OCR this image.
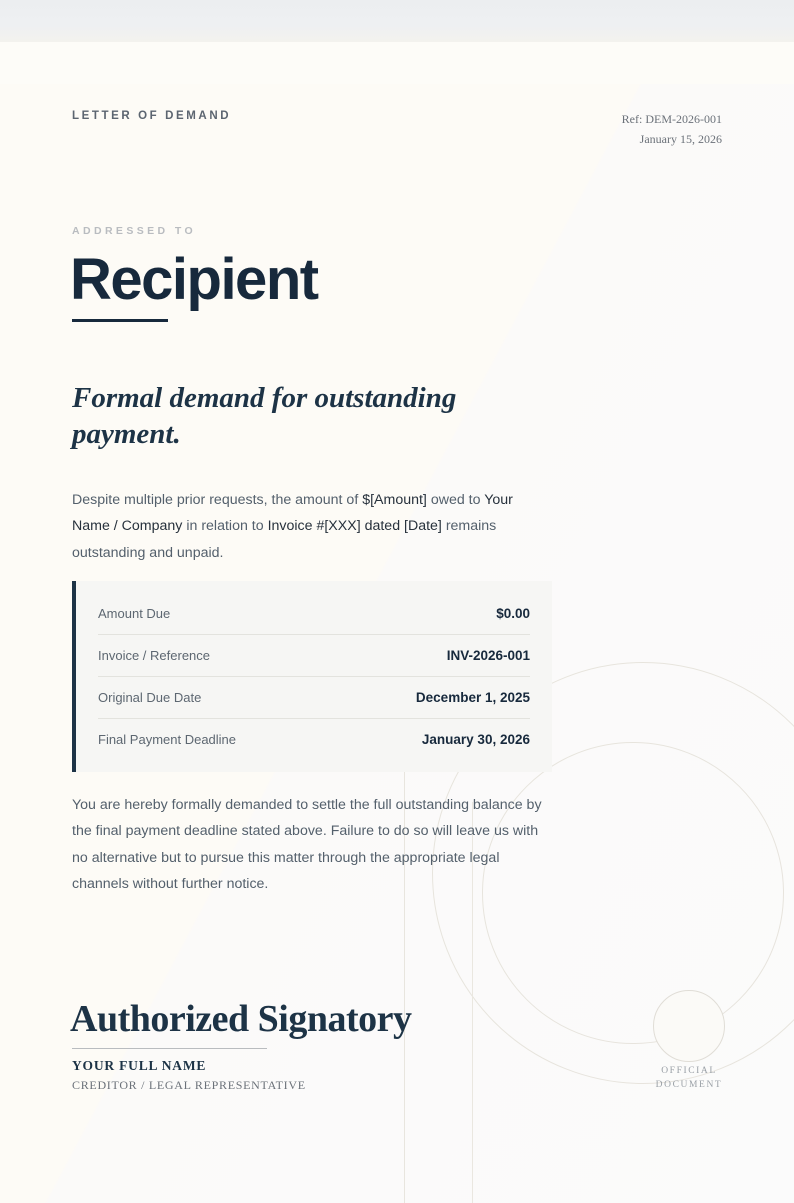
LETTER OF DEMAND	Ref: DEM-2026-001
January 15, 2026
ADDRESSED TO
Recipient
Formal demand for outstanding payment.
Despite multiple prior requests, the amount of $[Amount] owed to Your Name / Company in relation to Invoice #[XXX] dated [Date] remains outstanding and unpaid.
Amount Due	$0.00
Invoice / Reference	INV-2026-001
Original Due Date	December 1, 2025
Final Payment Deadline	January 30, 2026
You are hereby formally demanded to settle the full outstanding balance by the final payment deadline stated above. Failure to do so will leave us with no alternative but to pursue this matter through the appropriate legal channels without further notice.
Authorized Signatory
YOUR FULL NAME
CREDITOR / LEGAL REPRESENTATIVE
OFFICIAL
DOCUMENT
